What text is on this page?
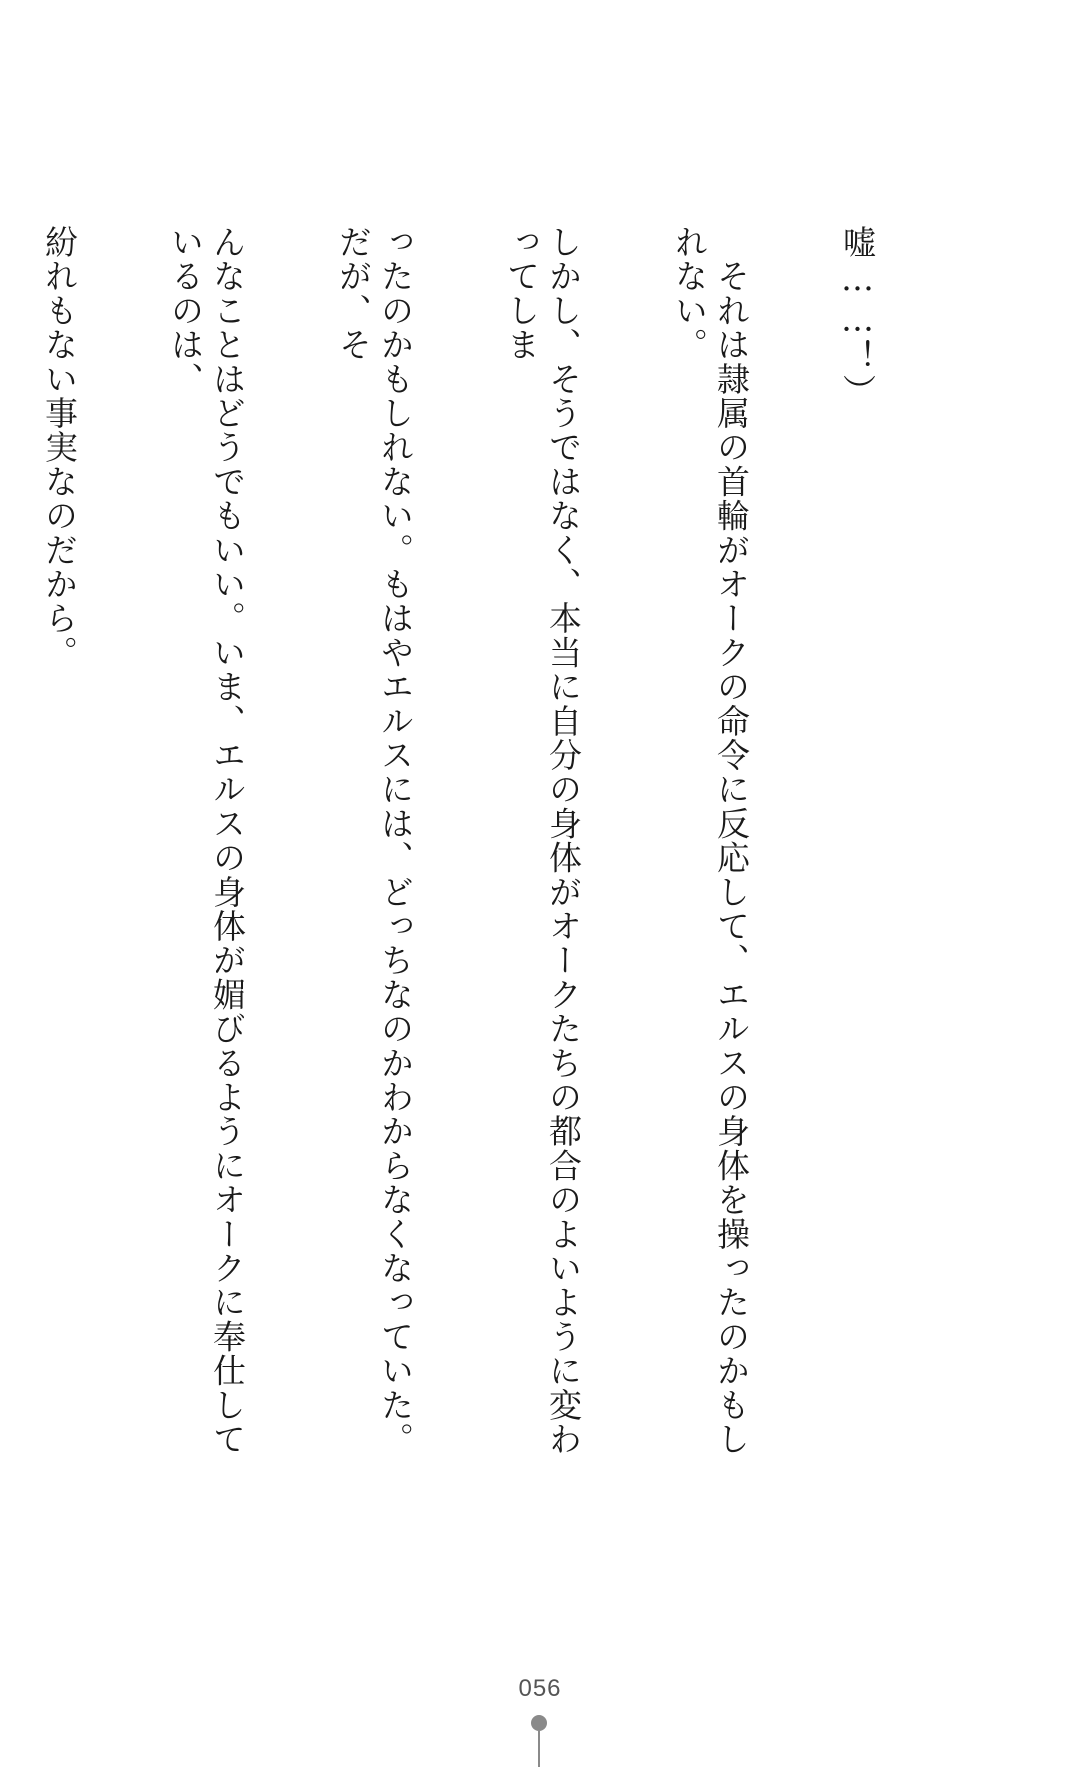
嘘……！）

　それは隷属の首輪がオークの命令に反応して、エルスの身体を操ったのかもしれない。

しかし、そうではなく、本当に自分の身体がオークたちの都合のよいように変わってしま

ったのかもしれない。もはやエルスには、どっちなのかわからなくなっていた。だが、そ

んなことはどうでもいい。いま、エルスの身体が媚びるようにオークに奉仕しているのは、

紛れもない事実なのだから。

056
